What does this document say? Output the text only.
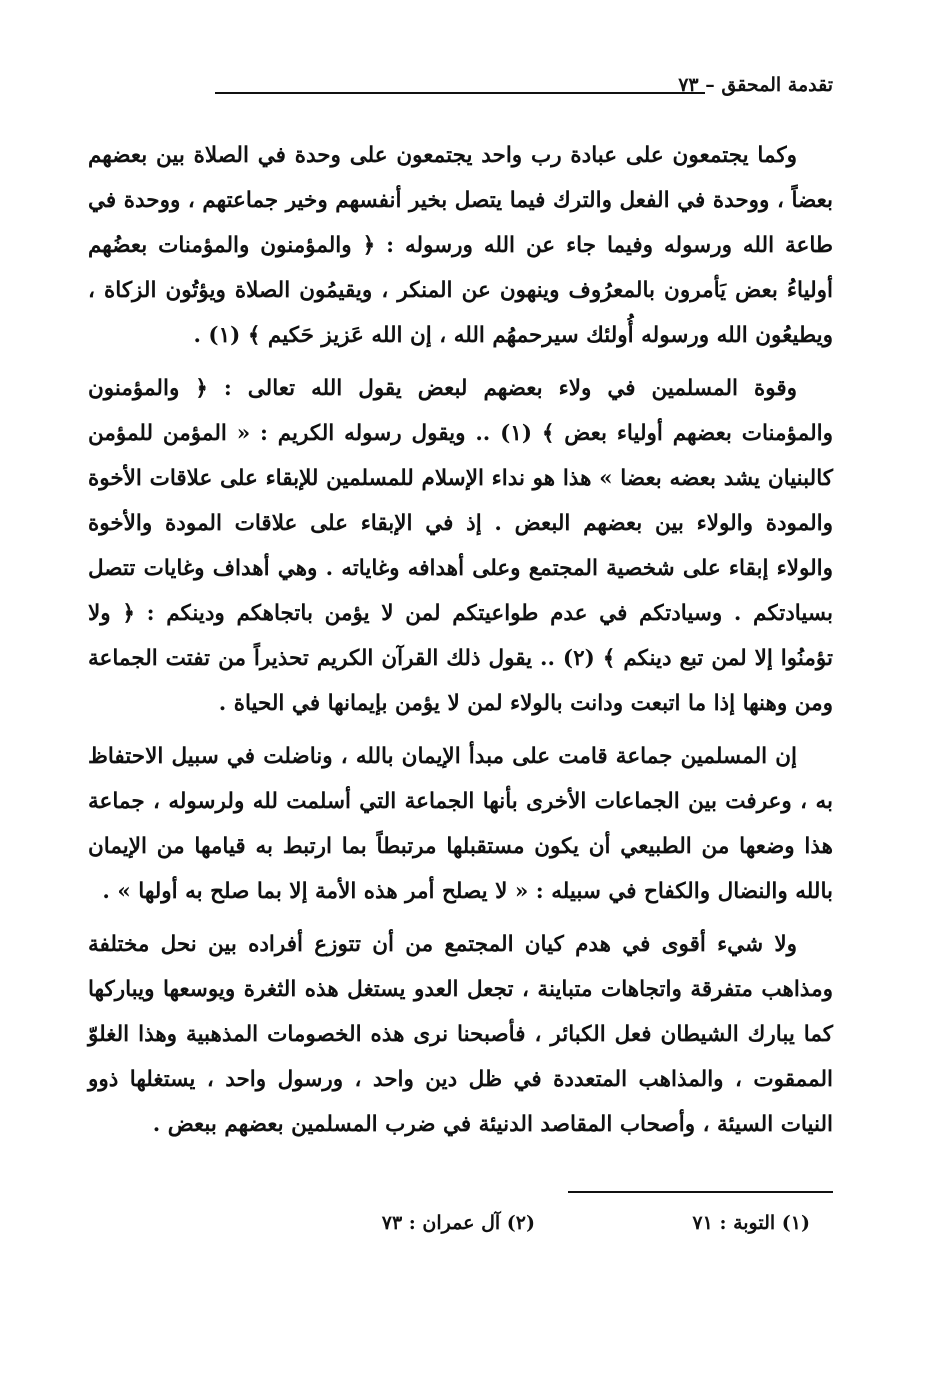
تقدمة المحقق – ٧٣

وكما يجتمعون على عبادة رب واحد يجتمعون على وحدة في الصلاة بين بعضهم بعضاً ، ووحدة في الفعل والترك فيما يتصل بخير أنفسهم وخير جماعتهم ، ووحدة في طاعة الله ورسوله وفيما جاء عن الله ورسوله : ﴿ والمؤمنون والمؤمنات بعضُهم أولياءُ بعض يَأمرون بالمعرُوف وينهون عن المنكر ، ويقيمُون الصلاة ويؤتُون الزكاة ، ويطيعُون الله ورسوله أُولئك سيرحمهُم الله ، إن الله عَزيز حَكيم ﴾ (١) .

وقوة المسلمين في ولاء بعضهم لبعض يقول الله تعالى : ﴿ والمؤمنون والمؤمنات بعضهم أولياء بعض ﴾ (١) .. ويقول رسوله الكريم : « المؤمن للمؤمن كالبنيان يشد بعضه بعضا » هذا هو نداء الإسلام للمسلمين للإبقاء على علاقات الأخوة والمودة والولاء بين بعضهم البعض . إذ في الإبقاء على علاقات المودة والأخوة والولاء إبقاء على شخصية المجتمع وعلى أهدافه وغاياته . وهي أهداف وغايات تتصل بسيادتكم . وسيادتكم في عدم طواعيتكم لمن لا يؤمن باتجاهكم ودينكم : ﴿ ولا تؤمنُوا إلا لمن تبع دينكم ﴾ (٢) .. يقول ذلك القرآن الكريم تحذيراً من تفتت الجماعة ومن وهنها إذا ما اتبعت ودانت بالولاء لمن لا يؤمن بإيمانها في الحياة .

إن المسلمين جماعة قامت على مبدأ الإيمان بالله ، وناضلت في سبيل الاحتفاظ به ، وعرفت بين الجماعات الأخرى بأنها الجماعة التي أسلمت لله ولرسوله ، جماعة هذا وضعها من الطبيعي أن يكون مستقبلها مرتبطاً بما ارتبط به قيامها من الإيمان بالله والنضال والكفاح في سبيله : « لا يصلح أمر هذه الأمة إلا بما صلح به أولها » .

ولا شيء أقوى في هدم كيان المجتمع من أن تتوزع أفراده بين نحل مختلفة ومذاهب متفرقة واتجاهات متباينة ، تجعل العدو يستغل هذه الثغرة ويوسعها ويباركها كما يبارك الشيطان فعل الكبائر ، فأصبحنا نرى هذه الخصومات المذهبية وهذا الغلوّ الممقوت ، والمذاهب المتعددة في ظل دين واحد ، ورسول واحد ، يستغلها ذوو النيات السيئة ، وأصحاب المقاصد الدنيئة في ضرب المسلمين بعضهم ببعض .

(١) التوبة : ٧١
(٢) آل عمران : ٧٣
